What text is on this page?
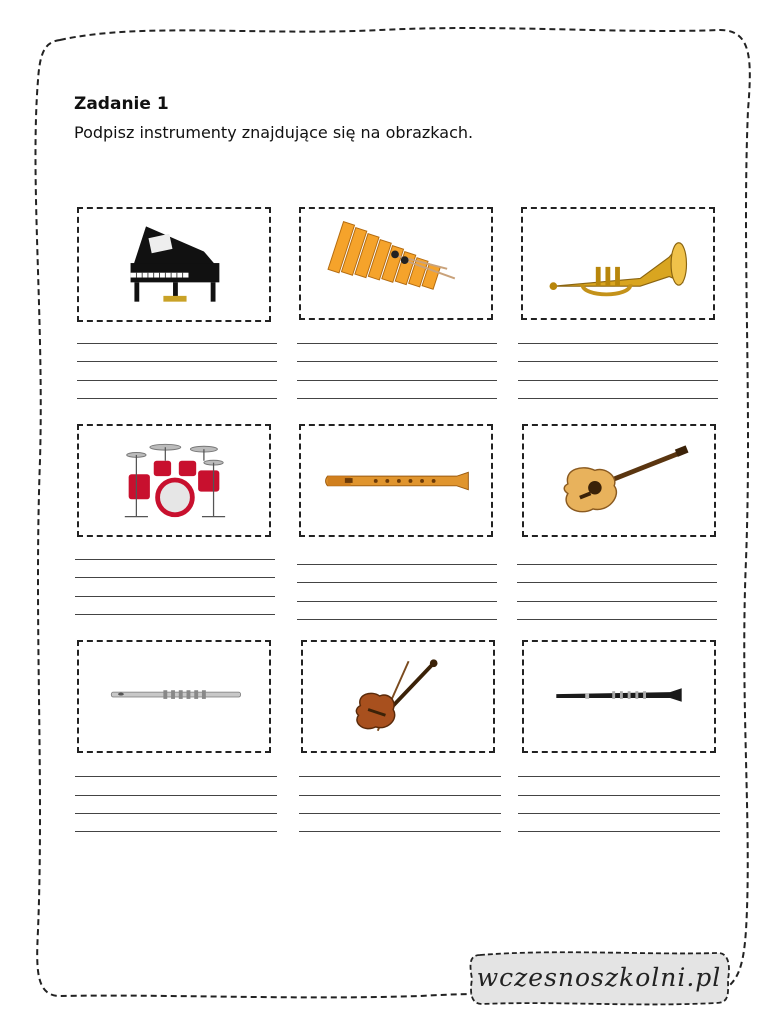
Zadanie 1

Podpisz instrumenty znajdujące się na obrazkach.

wczesnoszkolni.pl
